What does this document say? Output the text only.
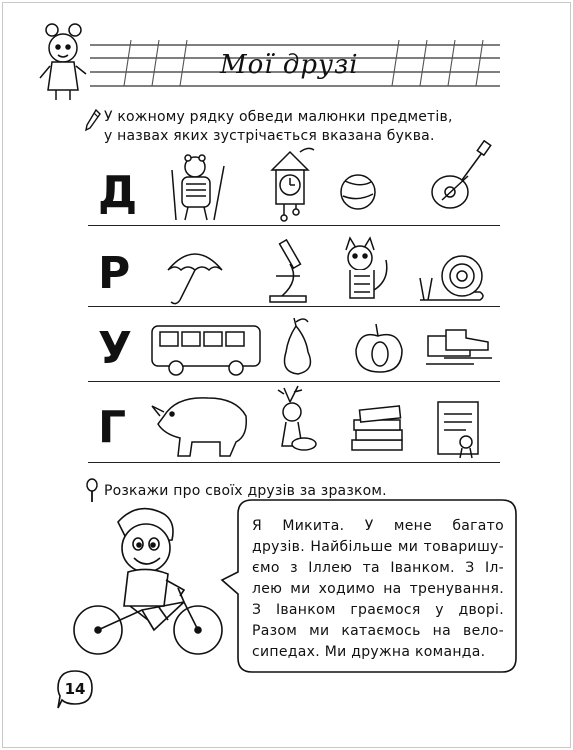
Мої друзі
У кожному рядку обведи малюнки предметів,
у назвах яких зустрічається вказана буква.
Д
Р
У
Г
Розкажи про своїх друзів за зразком.
Я Микита. У мене багато
друзів. Найбільше ми товаришу-
ємо з Іллею та Іванком. З Іл-
лею ми ходимо на тренування.
З Іванком граємося у дворі.
Разом ми катаємось на вело-
сипедах. Ми дружна команда.
14
